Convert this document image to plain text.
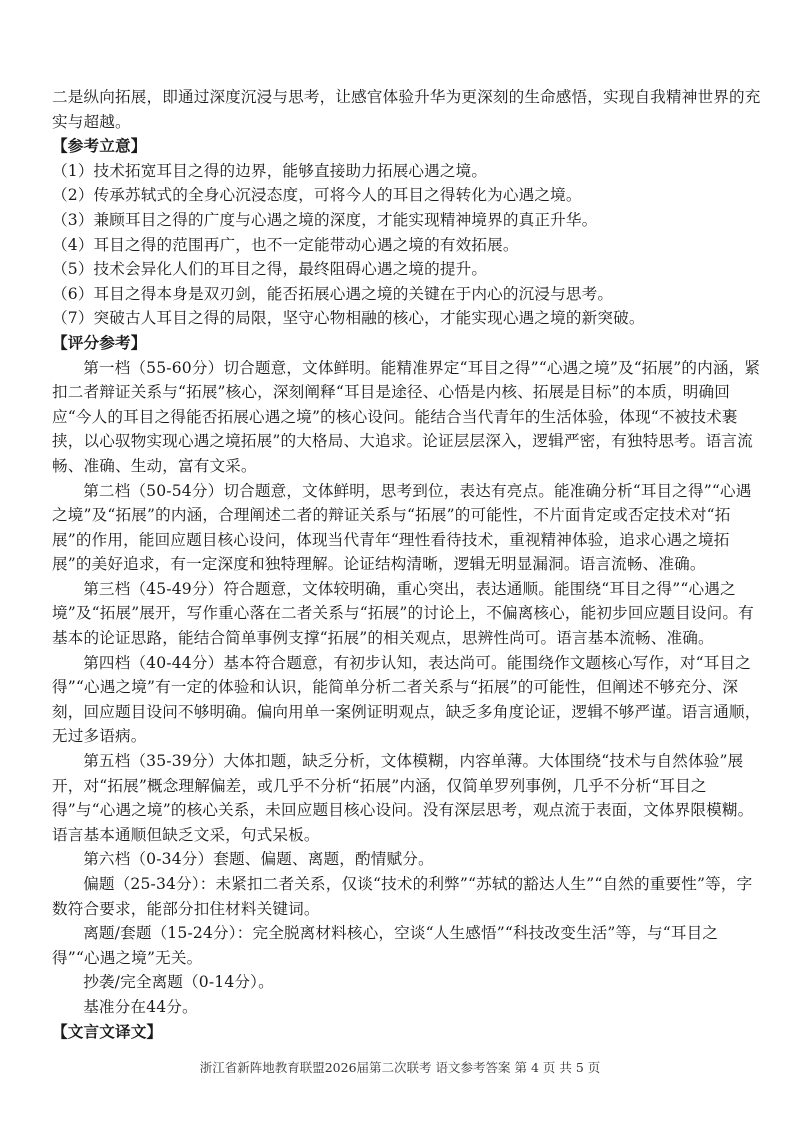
二是纵向拓展，即通过深度沉浸与思考，让感官体验升华为更深刻的生命感悟，实现自我精神世界的充实与超越。

【参考立意】

（1）技术拓宽耳目之得的边界，能够直接助力拓展心遇之境。

（2）传承苏轼式的全身心沉浸态度，可将今人的耳目之得转化为心遇之境。

（3）兼顾耳目之得的广度与心遇之境的深度，才能实现精神境界的真正升华。

（4）耳目之得的范围再广，也不一定能带动心遇之境的有效拓展。

（5）技术会异化人们的耳目之得，最终阻碍心遇之境的提升。

（6）耳目之得本身是双刃剑，能否拓展心遇之境的关键在于内心的沉浸与思考。

（7）突破古人耳目之得的局限，坚守心物相融的核心，才能实现心遇之境的新突破。

【评分参考】

第一档（55-60分）切合题意，文体鲜明。能精准界定“耳目之得”“心遇之境”及“拓展”的内涵，紧扣二者辩证关系与“拓展”核心，深刻阐释“耳目是途径、心悟是内核、拓展是目标”的本质，明确回应“今人的耳目之得能否拓展心遇之境”的核心设问。能结合当代青年的生活体验，体现“不被技术裹挟，以心驭物实现心遇之境拓展”的大格局、大追求。论证层层深入，逻辑严密，有独特思考。语言流畅、准确、生动，富有文采。

第二档（50-54分）切合题意，文体鲜明，思考到位，表达有亮点。能准确分析“耳目之得”“心遇之境”及“拓展”的内涵，合理阐述二者的辩证关系与“拓展”的可能性，不片面肯定或否定技术对“拓展”的作用，能回应题目核心设问，体现当代青年“理性看待技术，重视精神体验，追求心遇之境拓展”的美好追求，有一定深度和独特理解。论证结构清晰，逻辑无明显漏洞。语言流畅、准确。

第三档（45-49分）符合题意，文体较明确，重心突出，表达通顺。能围绕“耳目之得”“心遇之境”及“拓展”展开，写作重心落在二者关系与“拓展”的讨论上，不偏离核心，能初步回应题目设问。有基本的论证思路，能结合简单事例支撑“拓展”的相关观点，思辨性尚可。语言基本流畅、准确。

第四档（40-44分）基本符合题意，有初步认知，表达尚可。能围绕作文题核心写作，对“耳目之得”“心遇之境”有一定的体验和认识，能简单分析二者关系与“拓展”的可能性，但阐述不够充分、深刻，回应题目设问不够明确。偏向用单一案例证明观点，缺乏多角度论证，逻辑不够严谨。语言通顺，无过多语病。

第五档（35-39分）大体扣题，缺乏分析，文体模糊，内容单薄。大体围绕“技术与自然体验”展开，对“拓展”概念理解偏差，或几乎不分析“拓展”内涵，仅简单罗列事例，几乎不分析“耳目之得”与“心遇之境”的核心关系，未回应题目核心设问。没有深层思考，观点流于表面，文体界限模糊。语言基本通顺但缺乏文采，句式呆板。

第六档（0-34分）套题、偏题、离题，酌情赋分。

偏题（25-34分）：未紧扣二者关系，仅谈“技术的利弊”“苏轼的豁达人生”“自然的重要性”等，字数符合要求，能部分扣住材料关键词。

离题/套题（15-24分）：完全脱离材料核心，空谈“人生感悟”“科技改变生活”等，与“耳目之得”“心遇之境”无关。

抄袭/完全离题（0-14分）。

基准分在44分。

【文言文译文】

浙江省新阵地教育联盟2026届第二次联考 语文参考答案 第 4 页 共 5 页
